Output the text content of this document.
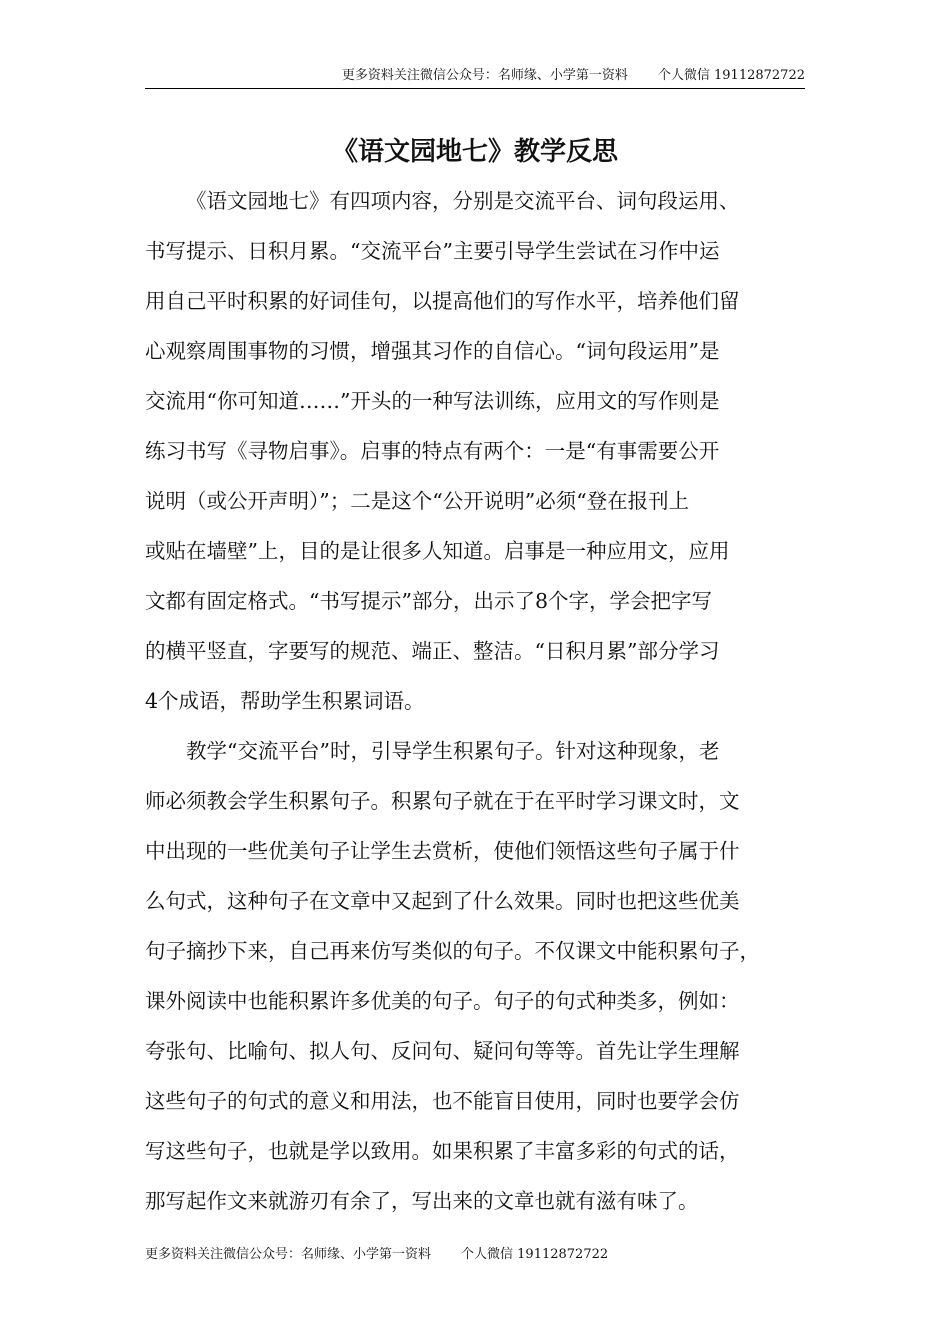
更多资料关注微信公众号：名师缘、小学第一资料 个人微信 19112872722
《语文园地七》教学反思

《语文园地七》有四项内容，分别是交流平台、词句段运用、
书写提示、日积月累。“交流平台”主要引导学生尝试在习作中运
用自己平时积累的好词佳句，以提高他们的写作水平，培养他们留
心观察周围事物的习惯，增强其习作的自信心。“词句段运用”是
交流用“你可知道……”开头的一种写法训练，应用文的写作则是
练习书写《寻物启事》。启事的特点有两个：一是“有事需要公开
说明（或公开声明）”；二是这个“公开说明”必须“登在报刊上
或贴在墙壁”上，目的是让很多人知道。启事是一种应用文，应用
文都有固定格式。“书写提示”部分，出示了8个字，学会把字写
的横平竖直，字要写的规范、端正、整洁。“日积月累”部分学习
4个成语，帮助学生积累词语。

教学“交流平台”时，引导学生积累句子。针对这种现象，老
师必须教会学生积累句子。积累句子就在于在平时学习课文时，文
中出现的一些优美句子让学生去赏析，使他们领悟这些句子属于什
么句式，这种句子在文章中又起到了什么效果。同时也把这些优美
句子摘抄下来，自己再来仿写类似的句子。不仅课文中能积累句子，
课外阅读中也能积累许多优美的句子。句子的句式种类多，例如：
夸张句、比喻句、拟人句、反问句、疑问句等等。首先让学生理解
这些句子的句式的意义和用法，也不能盲目使用，同时也要学会仿
写这些句子，也就是学以致用。如果积累了丰富多彩的句式的话，
那写起作文来就游刃有余了，写出来的文章也就有滋有味了。

更多资料关注微信公众号：名师缘、小学第一资料 个人微信 19112872722
